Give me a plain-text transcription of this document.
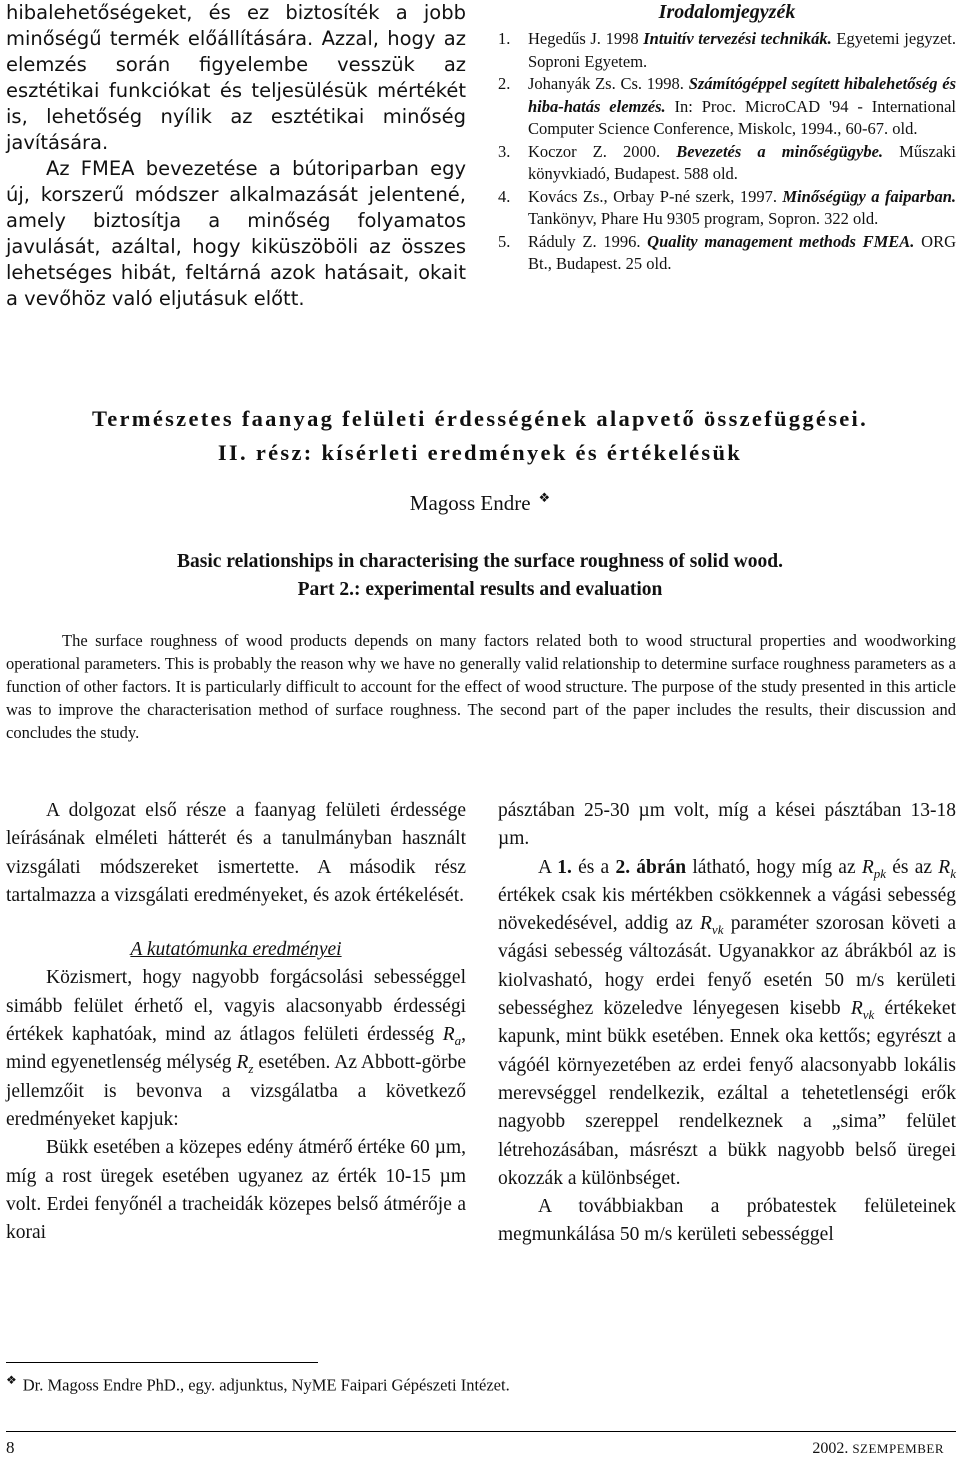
hibalehetőségeket, és ez biztosíték a jobb minőségű termék előállítására. Azzal, hogy az elemzés során figyelembe vesszük az esztétikai funkciókat és teljesülésük mértékét is, lehetőség nyílik az esztétikai minőség javítására.

Az FMEA bevezetése a bútoriparban egy új, korszerű módszer alkalmazását jelentené, amely biztosítja a minőség folyamatos javulását, azáltal, hogy kiküszöböli az összes lehetséges hibát, feltárná azok hatásait, okait a vevőhöz való eljutásuk előtt.

Irodalomjegyzék
1. Hegedűs J. 1998 Intuitív tervezési technikák. Egyetemi jegyzet. Soproni Egyetem.
2. Johanyák Zs. Cs. 1998. Számítógéppel segített hibalehetőség és hiba-hatás elemzés. In: Proc. MicroCAD '94 - International Computer Science Conference, Miskolc, 1994., 60-67. old.
3. Koczor Z. 2000. Bevezetés a minőségügybe. Műszaki könyvkiadó, Budapest. 588 old.
4. Kovács Zs., Orbay P-né szerk, 1997. Minőségügy a faiparban. Tankönyv, Phare Hu 9305 program, Sopron. 322 old.
5. Ráduly Z. 1996. Quality management methods FMEA. ORG Bt., Budapest. 25 old.
Természetes faanyag felületi érdességének alapvető összefüggései.
II. rész: kísérleti eredmények és értékelésük
Magoss Endre ❖
Basic relationships in characterising the surface roughness of solid wood.
Part 2.: experimental results and evaluation

The surface roughness of wood products depends on many factors related both to wood structural properties and woodworking operational parameters. This is probably the reason why we have no generally valid relationship to determine surface roughness parameters as a function of other factors. It is particularly difficult to account for the effect of wood structure. The purpose of the study presented in this article was to improve the characterisation method of surface roughness. The second part of the paper includes the results, their discussion and concludes the study.

A dolgozat első része a faanyag felületi érdessége leírásának elméleti hátterét és a tanulmányban használt vizsgálati módszereket ismertette. A második rész tartalmazza a vizsgálati eredményeket, és azok értékelését.

A kutatómunka eredményei

Közismert, hogy nagyobb forgácsolási sebességgel simább felület érhető el, vagyis alacsonyabb érdességi értékek kaphatóak, mind az átlagos felületi érdesség $R_a$, mind egyenetlenség mélység $R_z$ esetében. Az Abbott-görbe jellemzőit is bevonva a vizsgálatba a következő eredményeket kapjuk:

Bükk esetében a közepes edény átmérő értéke 60 µm, míg a rost üregek esetében ugyanez az érték 10-15 µm volt. Erdei fenyőnél a tracheidák közepes belső átmérője a korai

pásztában 25-30 µm volt, míg a kései pásztában 13-18 µm.

A 1. és a 2. ábrán látható, hogy míg az $R_{pk}$ és az $R_k$ értékek csak kis mértékben csökkennek a vágási sebesség növekedésével, addig az $R_{vk}$ paraméter szorosan követi a vágási sebesség változását. Ugyanakkor az ábrákból az is kiolvasható, hogy erdei fenyő esetén 50 m/s kerületi sebességhez közeledve lényegesen kisebb $R_{vk}$ értékeket kapunk, mint bükk esetében. Ennek oka kettős; egyrészt a vágóél környezetében az erdei fenyő alacsonyabb lokális merevséggel rendelkezik, ezáltal a tehetetlenségi erők nagyobb szereppel rendelkeznek a „sima” felület létrehozásában, másrészt a bükk nagyobb belső üregei okozzák a különbséget.

A továbbiakban a próbatestek felületeinek megmunkálása 50 m/s kerületi sebességgel

❖ Dr. Magoss Endre PhD., egy. adjunktus, NyME Faipari Gépészeti Intézet.
8	2002. SZEMPEMBER
